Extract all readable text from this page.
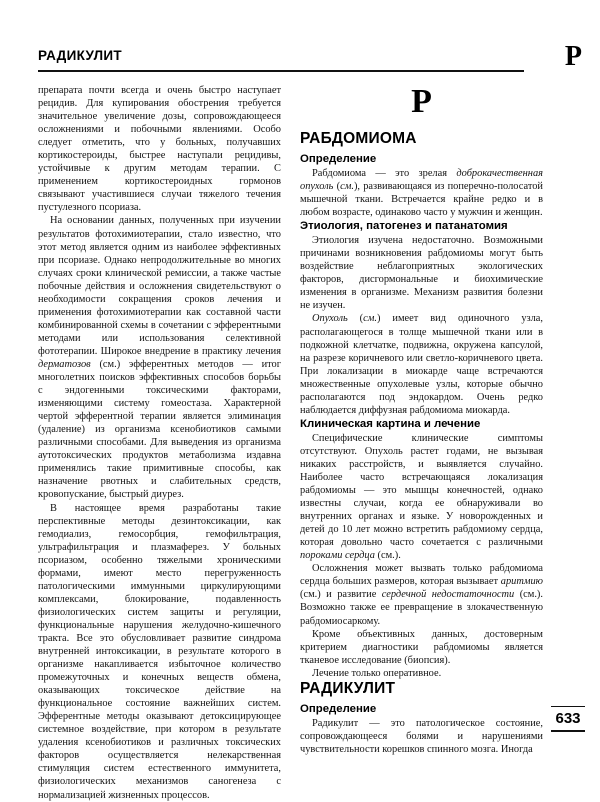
РАДИКУЛИТ	Р

препарата почти всегда и очень быстро наступает рецидив. Для купирования обострения требуется значительное увеличение дозы, сопровождающееся осложнениями и побочными явлениями. Особо следует отметить, что у больных, получавших кортикостероиды, быстрее наступали рецидивы, устойчивые к другим методам терапии. С применением кортикостероидных гормонов связывают участившиеся случаи тяжелого течения пустулезного псориаза.

На основании данных, полученных при изучении результатов фотохимиотерапии, стало известно, что этот метод является одним из наиболее эффективных при псориазе. Однако непродолжительные во многих случаях сроки клинической ремиссии, а также частые побочные действия и осложнения свидетельствуют о необходимости сокращения сроков лечения и применения фотохимиотерапии как составной части комбинированной схемы в сочетании с эфферентными методами или использования селективной фототерапии. Широкое внедрение в практику лечения дерматозов (см.) эфферентных методов — итог многолетних поисков эффективных способов борьбы с эндогенными токсическими факторами, изменяющими систему гомеостаза. Характерной чертой эфферентной терапии является элиминация (удаление) из организма ксенобиотиков самыми различными способами. Для выведения из организма аутотоксических продуктов метаболизма издавна применялись такие примитивные способы, как назначение рвотных и слабительных средств, кровопускание, быстрый диурез.

В настоящее время разработаны такие перспективные методы дезинтоксикации, как гемодиализ, гемосорбция, гемофильтрация, ультрафильтрация и плазмаферез. У больных псориазом, особенно тяжелыми хроническими формами, имеют место перегруженность патологическими иммунными циркулирующими комплексами, блокирование, подавленность физиологических систем защиты и регуляции, функциональные нарушения желудочно-кишечного тракта. Все это обусловливает развитие синдрома внутренней интоксикации, в результате которого в организме накапливается избыточное количество промежуточных и конечных веществ обмена, оказывающих токсическое действие на функциональное состояние важнейших систем. Эфферентные методы оказывают детоксицирующее системное воздействие, при котором в результате удаления ксенобиотиков и различных токсических факторов осуществляется нелекарственная стимуляция систем естественного иммунитета, физиологических механизмов саногенеза с нормализацией жизненных процессов.

Р
РАБДОМИОМА
Определение

Рабдомиома — это зрелая доброкачественная опухоль (см.), развивающаяся из поперечно-полосатой мышечной ткани. Встречается крайне редко и в любом возрасте, одинаково часто у мужчин и женщин.

Этиология, патогенез и патанатомия

Этиология изучена недостаточно. Возможными причинами возникновения рабдомиомы могут быть воздействие неблагоприятных экологических факторов, дисгормональные и биохимические изменения в организме. Механизм развития болезни не изучен.

Опухоль (см.) имеет вид одиночного узла, располагающегося в толще мышечной ткани или в подкожной клетчатке, подвижна, окружена капсулой, на разрезе коричневого или светло-коричневого цвета. При локализации в миокарде чаще встречаются множественные опухолевые узлы, которые обычно располагаются под эндокардом. Очень редко наблюдается диффузная рабдомиома миокарда.

Клиническая картина и лечение

Специфические клинические симптомы отсутствуют. Опухоль растет годами, не вызывая никаких расстройств, и выявляется случайно. Наиболее часто встречающаяся локализация рабдомиомы — это мышцы конечностей, однако известны случаи, когда ее обнаруживали во внутренних органах и языке. У новорожденных и детей до 10 лет можно встретить рабдомиому сердца, которая довольно часто сочетается с различными пороками сердца (см.).

Осложнения может вызвать только рабдомиома сердца больших размеров, которая вызывает аритмию (см.) и развитие сердечной недостаточности (см.). Возможно также ее превращение в злокачественную рабдомиосаркому.

Кроме объективных данных, достоверным критерием диагностики рабдомиомы является тканевое исследование (биопсия).

Лечение только оперативное.

РАДИКУЛИТ
Определение

Радикулит — это патологическое состояние, сопровождающееся болями и нарушениями чувствительности корешков спинного мозга. Иногда

633
